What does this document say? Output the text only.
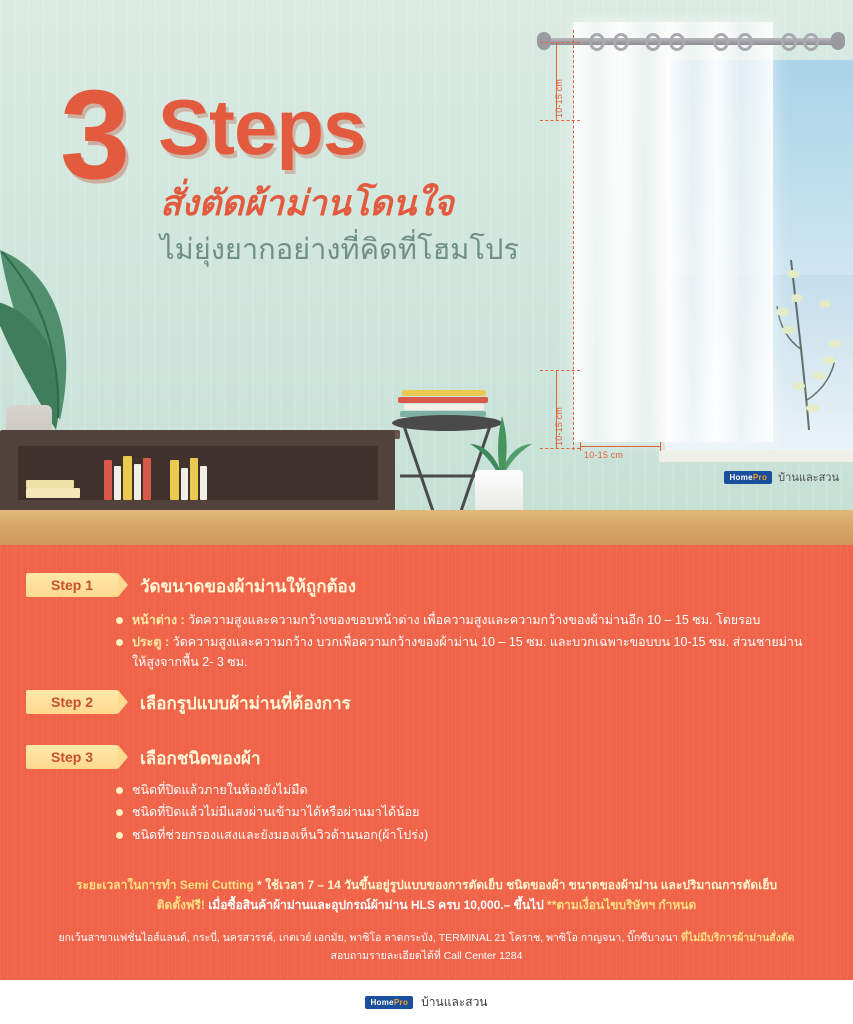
10-15 cm
10-15 cm
10-15 cm
3 Steps
สั่งตัดผ้าม่านโดนใจ
ไม่ยุ่งยากอย่างที่คิดที่โฮมโปร
HomePro	บ้านและสวน
Step 1	วัดขนาดของผ้าม่านให้ถูกต้อง
หน้าต่าง : วัดความสูงและความกว้างของขอบหน้าต่าง เพื่อความสูงและความกว้างของผ้าม่านอีก 10 – 15 ซม. โดยรอบ
ประตู : วัดความสูงและความกว้าง บวกเพื่อความกว้างของผ้าม่าน 10 – 15 ซม. และบวกเฉพาะขอบบน 10-15 ซม. ส่วนชายม่านให้สูงจากพื้น 2- 3 ซม.
Step 2	เลือกรูปแบบผ้าม่านที่ต้องการ
Step 3	เลือกชนิดของผ้า
ชนิดที่ปิดแล้วภายในห้องยังไม่มืด
ชนิดที่ปิดแล้วไม่มีแสงผ่านเข้ามาได้หรือผ่านมาได้น้อย
ชนิดที่ช่วยกรองแสงและยังมองเห็นวิวด้านนอก(ผ้าโปร่ง)
ระยะเวลาในการทำ Semi Cutting * ใช้เวลา 7 – 14 วันขึ้นอยู่รูปแบบของการตัดเย็บ ชนิดของผ้า ขนาดของผ้าม่าน และปริมาณการตัดเย็บ
ติดตั้งฟรี! เมื่อซื้อสินค้าผ้าม่านและอุปกรณ์ผ้าม่าน HLS ครบ 10,000.– ขึ้นไป **ตามเงื่อนไขบริษัทฯ กำหนด
ยกเว้นสาขาแฟชั่นไอส์แลนด์, กระบี่, นครสวรรค์, เกตเวย์ เอกมัย, พาซิโอ ลาดกระบัง, TERMINAL 21 โคราช, พาซิโอ กาญจนา, บิ๊กซีบางนา ที่ไม่มีบริการผ้าม่านสั่งตัด
สอบถามรายละเอียดได้ที่ Call Center 1284
HomePro	บ้านและสวน
